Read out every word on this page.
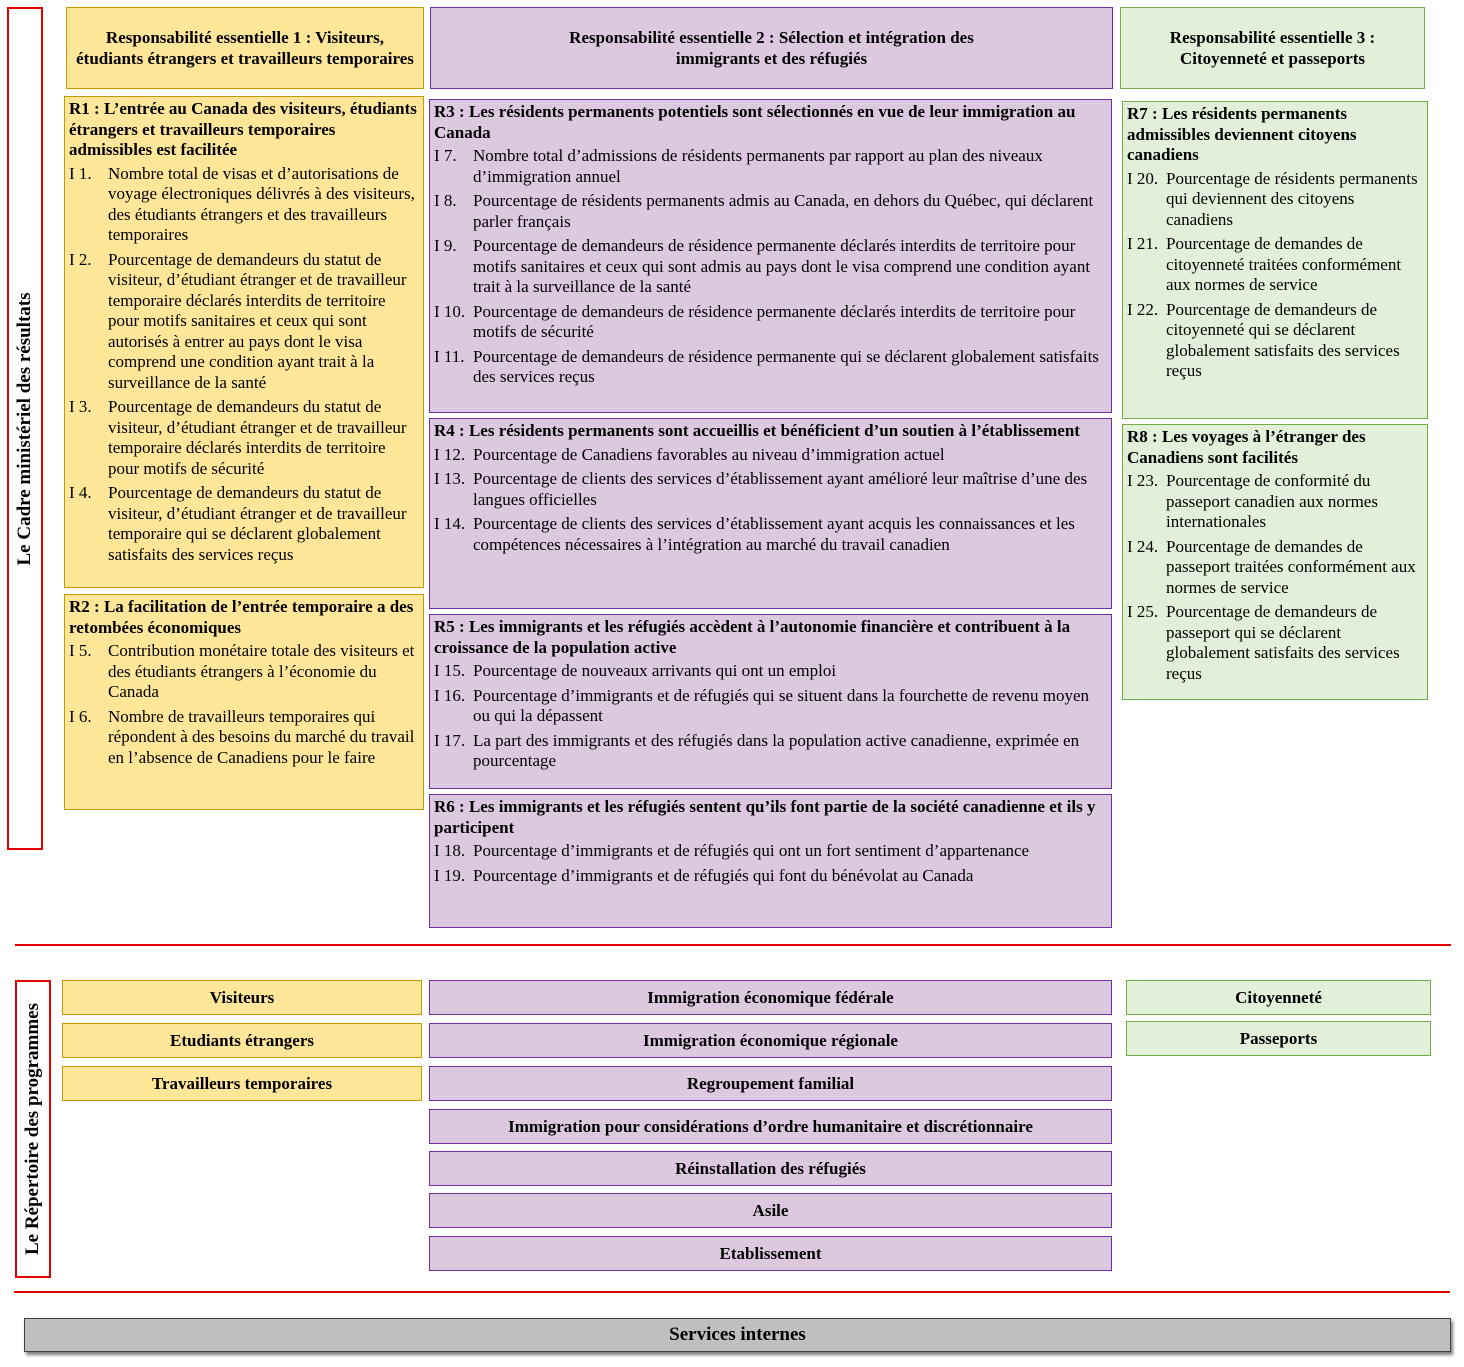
Le Cadre ministériel des résultats
Le Répertoire des programmes
Responsabilité essentielle 1 : Visiteurs, étudiants étrangers et travailleurs temporaires
Responsabilité essentielle 2 : Sélection et intégration des immigrants et des réfugiés
Responsabilité essentielle 3 : Citoyenneté et passeports
R1 : L’entrée au Canada des visiteurs, étudiants étrangers et travailleurs temporaires admissibles est facilitée
I 1. Nombre total de visas et d’autorisations de voyage électroniques délivrés à des visiteurs, des étudiants étrangers et des travailleurs temporaires
I 2. Pourcentage de demandeurs du statut de visiteur, d’étudiant étranger et de travailleur temporaire déclarés interdits de territoire pour motifs sanitaires et ceux qui sont autorisés à entrer au pays dont le visa comprend une condition ayant trait à la surveillance de la santé
I 3. Pourcentage de demandeurs du statut de visiteur, d’étudiant étranger et de travailleur temporaire déclarés interdits de territoire pour motifs de sécurité
I 4. Pourcentage de demandeurs du statut de visiteur, d’étudiant étranger et de travailleur temporaire qui se déclarent globalement satisfaits des services reçus
R2 : La facilitation de l’entrée temporaire a des retombées économiques
I 5. Contribution monétaire totale des visiteurs et des étudiants étrangers à l’économie du Canada
I 6. Nombre de travailleurs temporaires qui répondent à des besoins du marché du travail en l’absence de Canadiens pour le faire
R3 : Les résidents permanents potentiels sont sélectionnés en vue de leur immigration au Canada
I 7. Nombre total d’admissions de résidents permanents par rapport au plan des niveaux d’immigration annuel
I 8. Pourcentage de résidents permanents admis au Canada, en dehors du Québec, qui déclarent parler français
I 9. Pourcentage de demandeurs de résidence permanente déclarés interdits de territoire pour motifs sanitaires et ceux qui sont admis au pays dont le visa comprend une condition ayant trait à la surveillance de la santé
I 10. Pourcentage de demandeurs de résidence permanente déclarés interdits de territoire pour motifs de sécurité
I 11. Pourcentage de demandeurs de résidence permanente qui se déclarent globalement satisfaits des services reçus
R4 : Les résidents permanents sont accueillis et bénéficient d’un soutien à l’établissement
I 12. Pourcentage de Canadiens favorables au niveau d’immigration actuel
I 13. Pourcentage de clients des services d’établissement ayant amélioré leur maîtrise d’une des langues officielles
I 14. Pourcentage de clients des services d’établissement ayant acquis les connaissances et les compétences nécessaires à l’intégration au marché du travail canadien
R5 : Les immigrants et les réfugiés accèdent à l’autonomie financière et contribuent à la croissance de la population active
I 15. Pourcentage de nouveaux arrivants qui ont un emploi
I 16. Pourcentage d’immigrants et de réfugiés qui se situent dans la fourchette de revenu moyen ou qui la dépassent
I 17. La part des immigrants et des réfugiés dans la population active canadienne, exprimée en pourcentage
R6 : Les immigrants et les réfugiés sentent qu’ils font partie de la société canadienne et ils y participent
I 18. Pourcentage d’immigrants et de réfugiés qui ont un fort sentiment d’appartenance
I 19. Pourcentage d’immigrants et de réfugiés qui font du bénévolat au Canada
R7 : Les résidents permanents admissibles deviennent citoyens canadiens
I 20. Pourcentage de résidents permanents qui deviennent des citoyens canadiens
I 21. Pourcentage de demandes de citoyenneté traitées conformément aux normes de service
I 22. Pourcentage de demandeurs de citoyenneté qui se déclarent globalement satisfaits des services reçus
R8 : Les voyages à l’étranger des Canadiens sont facilités
I 23. Pourcentage de conformité du passeport canadien aux normes internationales
I 24. Pourcentage de demandes de passeport traitées conformément aux normes de service
I 25. Pourcentage de demandeurs de passeport qui se déclarent globalement satisfaits des services reçus
Visiteurs
Etudiants étrangers
Travailleurs temporaires
Immigration économique fédérale
Immigration économique régionale
Regroupement familial
Immigration pour considérations d’ordre humanitaire et discrétionnaire
Réinstallation des réfugiés
Asile
Etablissement
Citoyenneté
Passeports
Services internes
